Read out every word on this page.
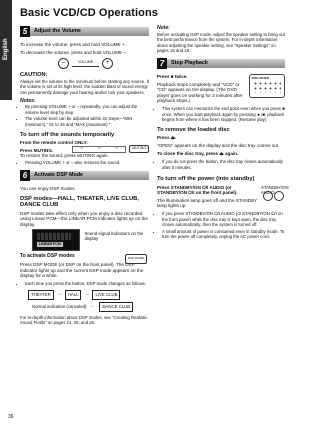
English
Basic VCD/CD Operations
5	Adjust the Volume

To increase the volume, press and hold VOLUME +.

To decrease the volume, press and hold VOLUME –.

–	VOLUME	+
CAUTION:

Always set the volume to the minimum before starting any source. If the volume is set at its high level, the sudden blast of sound energy can permanently damage your hearing and/or ruin your speakers.

Notes:
• By pressing VOLUME + or – repeatedly, you can adjust the volume level step by step.
• The volume level can be adjusted within 31 steps—“MIN (minimum),” 01 to 49 and “MAX (maximum).”
To turn off the sounds temporarily

From the remote control ONLY:

Press MUTING.	▭	▭	▭	MUTING

To restore the sound, press MUTING again.

• Pressing VOLUME + or – also restores the sound.
6	Activate DSP Mode

You can enjoy DSP modes.

DSP modes—HALL, THEATER, LIVE CLUB, DANCE CLUB

DSP modes take effect only when you enjoy a disc recorded using Linear PCM—the LINEAR PCM indicator lights up on the display.

LINEAR PCM
Sound signal indicators on the display
To activate DSP modes	DSP MODE

Press DSP MODE (or DSP on the front panel). The DSP indicator lights up and the current DSP mode appears on the display for a while.

• Each time you press the button, DSP mode changes as follows:
THEATER	→	HALL	→	LIVE CLUB
Normal indication (canceled) ←	DANCE CLUB

For in-depth information about DSP modes, see “Creating Realistic Sound Fields” on pages 21, 25, and 26.

Note:

Before activating DSP mode, adjust the speaker setting to bring out the best performance from the system. For in-depth information about adjusting the speaker setting, see “Speaker Settings” on pages 19 and 19.

7	Stop Playback
DISC ENTER

Press ■ twice.

Playback stops completely and “VCD” or “CD” appears on the display. (The DVD player goes on working for 3 minutes after playback stops.)

• This system can memorize the end point even when you press ■ once. When you start playback again by pressing ►/■, playback begins from where it has been stopped. (Resume play)
To remove the loaded disc

Press ⏏.

“OPEN” appears on the display and the disc tray comes out.

To close the disc tray, press ⏏ again.

• If you do not press the button, the disc tray closes automatically after 5 minutes.
To turn off the power (into standby)
STANDBY/ON AUDIO

Press STANDBY/ON ⏻/I AUDIO (or STANDBY/ON ⏻/I on the front panel).

The illumination lamp goes off and the STANDBY lamp lights up.

• If you press STANDBY/ON ⏻/I AUDIO (or STANDBY/ON ⏻/I on the front panel) while the disc tray is kept open, the disc tray closes automatically, then the system is turned off.
• A small amount of power is consumed even in standby mode. To turn the power off completely, unplug the AC power cord.
36
